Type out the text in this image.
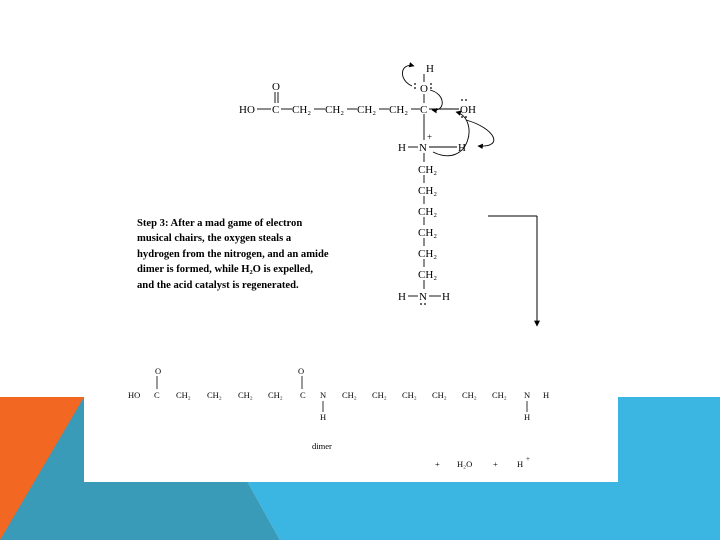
H
O
O
HO C CH₂ CH₂ CH₂ CH₂ C	OH
H N
+
H
CH₂
CH₂
CH₂
CH₂
CH₂
CH₂
H N H
O	O
HO C CH₂ CH₂ CH₂ CH₂ C N CH₂ CH₂ CH₂ CH₂ CH₂ CH₂ N H
H	H
dimer
+ H₂O + H +
Step 3: After a mad game of electron
musical chairs, the oxygen steals a
hydrogen from the nitrogen, and an amide
dimer is formed, while H₂O is expelled,
and the acid catalyst is regenerated.
